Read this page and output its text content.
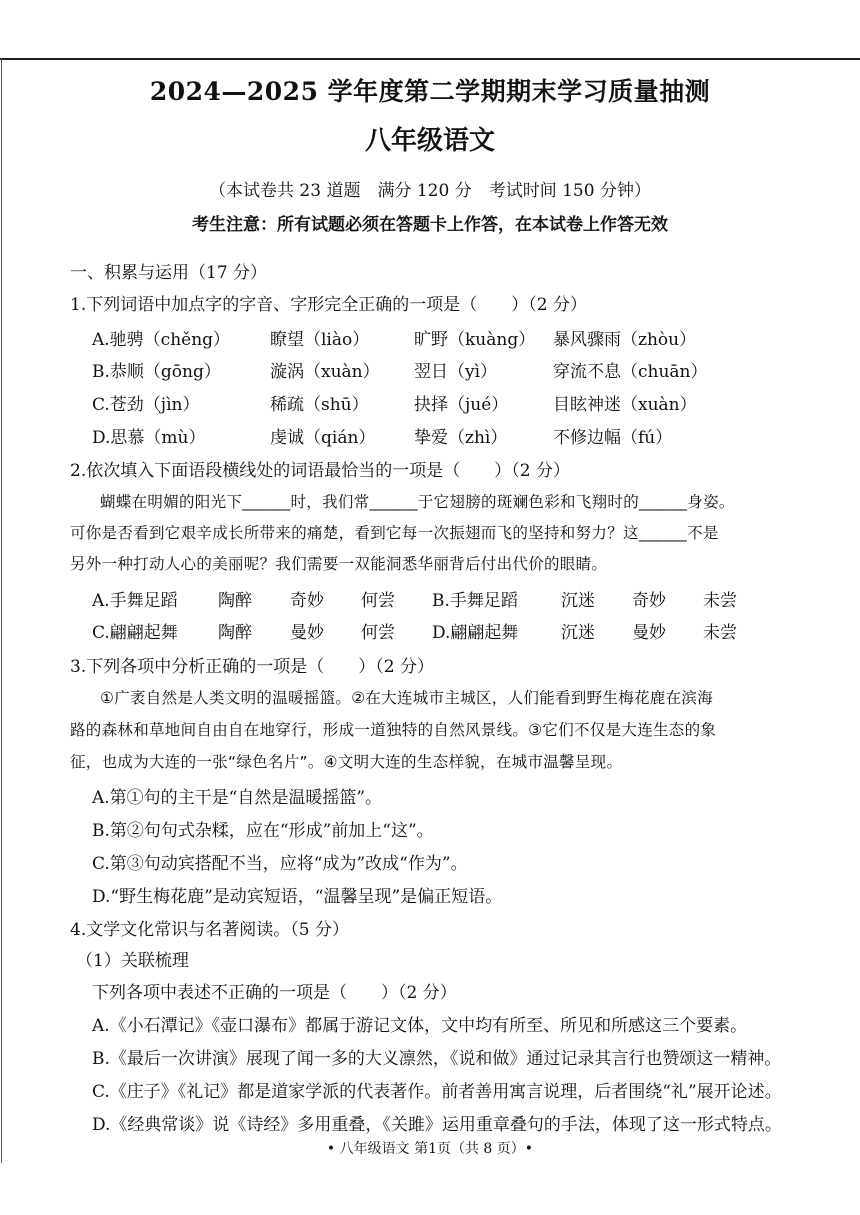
2024—2025 学年度第二学期期末学习质量抽测
八年级语文
（本试卷共 23 道题　满分 120 分　考试时间 150 分钟）
考生注意：所有试题必须在答题卡上作答，在本试卷上作答无效
一、积累与运用（17 分）
1.下列词语中加点字的字音、字形完全正确的一项是（　　）（2 分）
A.驰骋（chěng） 瞭望（liào）	旷野（kuàng） 暴风骤雨（zhòu）
B.恭顺（gōng）	漩涡（xuàn） 翌日（yì）	穿流不息（chuān）
C.苍劲（jìn）	稀疏（shū）	抉择（jué）	目眩神迷（xuàn）
D.思慕（mù）	虔诚（qián） 挚爱（zhì）	不修边幅（fú）
2.依次填入下面语段横线处的词语最恰当的一项是（　　）（2 分）
蝴蝶在明媚的阳光下______时，我们常______于它翅膀的斑斓色彩和飞翔时的______身姿。
可你是否看到它艰辛成长所带来的痛楚，看到它每一次振翅而飞的坚持和努力？这______不是
另外一种打动人心的美丽呢？我们需要一双能洞悉华丽背后付出代价的眼睛。
A.手舞足蹈 陶醉 奇妙 何尝 B.手舞足蹈	沉迷 奇妙 未尝
C.翩翩起舞 陶醉 曼妙 何尝 D.翩翩起舞	沉迷 曼妙 未尝
3.下列各项中分析正确的一项是（　　）（2 分）
①广袤自然是人类文明的温暖摇篮。②在大连城市主城区，人们能看到野生梅花鹿在滨海
路的森林和草地间自由自在地穿行，形成一道独特的自然风景线。③它们不仅是大连生态的象
征，也成为大连的一张“绿色名片”。④文明大连的生态样貌，在城市温馨呈现。
A.第①句的主干是“自然是温暖摇篮”。
B.第②句句式杂糅，应在“形成”前加上“这”。
C.第③句动宾搭配不当，应将“成为”改成“作为”。
D.“野生梅花鹿”是动宾短语，“温馨呈现”是偏正短语。
4.文学文化常识与名著阅读。（5 分）
（1）关联梳理
下列各项中表述不正确的一项是（　　）（2 分）
A.《小石潭记》《壶口瀑布》都属于游记文体，文中均有所至、所见和所感这三个要素。
B.《最后一次讲演》展现了闻一多的大义凛然，《说和做》通过记录其言行也赞颂这一精神。
C.《庄子》《礼记》都是道家学派的代表著作。前者善用寓言说理，后者围绕“礼”展开论述。
D.《经典常谈》说《诗经》多用重叠，《关雎》运用重章叠句的手法，体现了这一形式特点。
• 八年级语文 第1页（共 8 页）•
